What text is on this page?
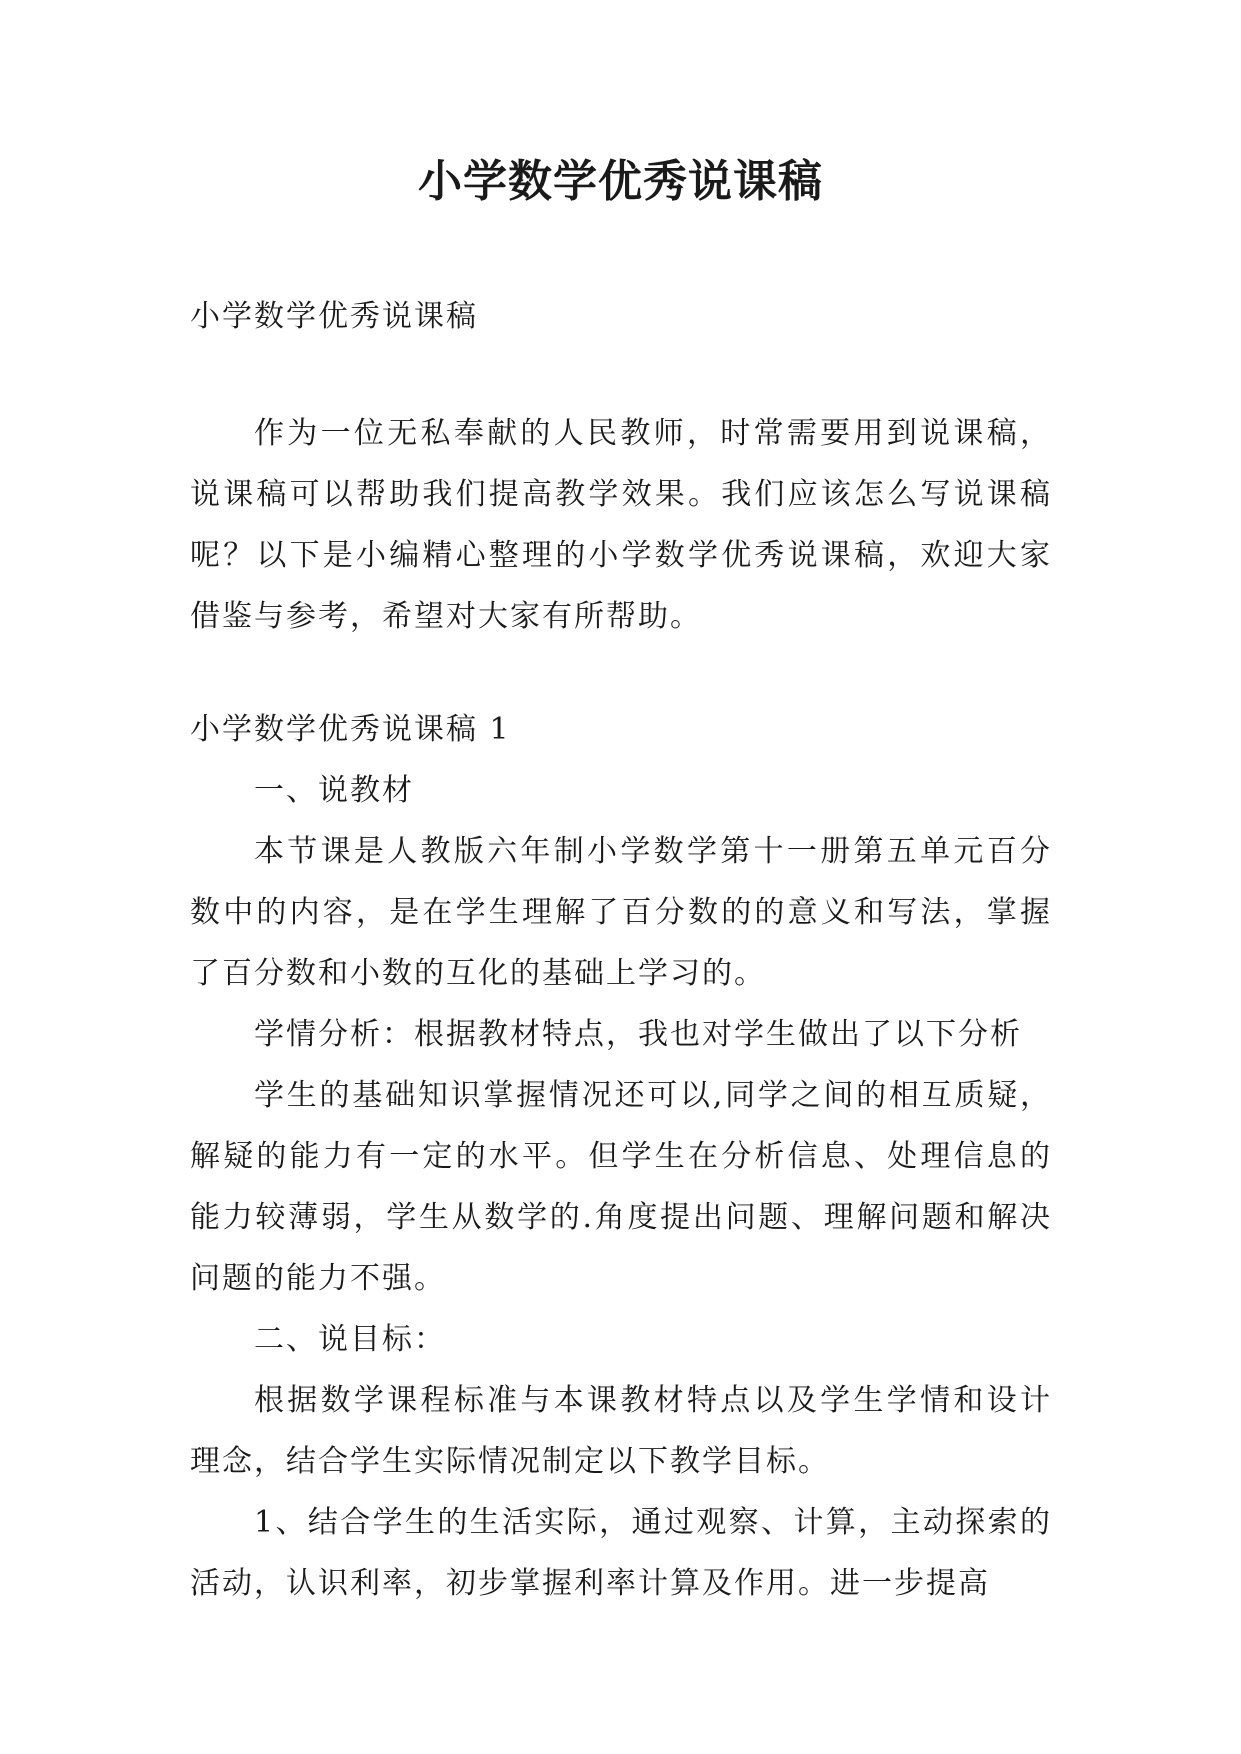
小学数学优秀说课稿

小学数学优秀说课稿

作为一位无私奉献的人民教师，时常需要用到说课稿，说课稿可以帮助我们提高教学效果。我们应该怎么写说课稿呢？以下是小编精心整理的小学数学优秀说课稿，欢迎大家借鉴与参考，希望对大家有所帮助。

小学数学优秀说课稿 1

一、说教材

本节课是人教版六年制小学数学第十一册第五单元百分数中的内容，是在学生理解了百分数的的意义和写法，掌握了百分数和小数的互化的基础上学习的。

学情分析：根据教材特点，我也对学生做出了以下分析

学生的基础知识掌握情况还可以,同学之间的相互质疑，解疑的能力有一定的水平。但学生在分析信息、处理信息的能力较薄弱，学生从数学的.角度提出问题、理解问题和解决问题的能力不强。

二、说目标：

根据数学课程标准与本课教材特点以及学生学情和设计理念，结合学生实际情况制定以下教学目标。

1、结合学生的生活实际，通过观察、计算，主动探索的活动，认识利率，初步掌握利率计算及作用。进一步提高
